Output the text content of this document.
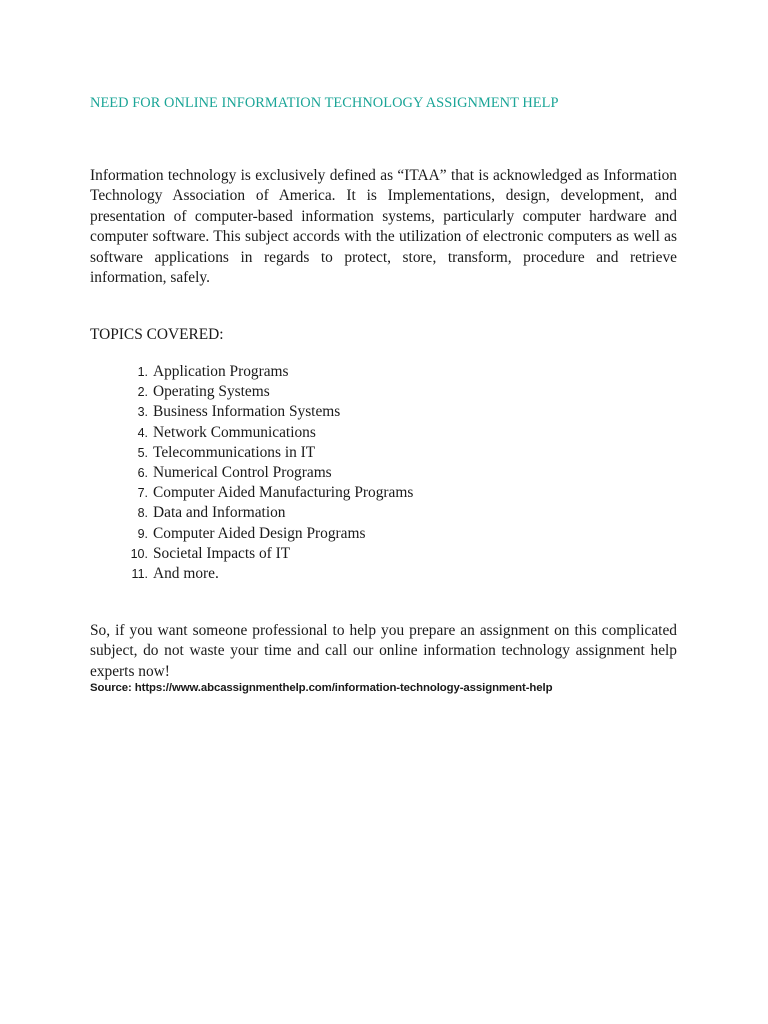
NEED FOR ONLINE INFORMATION TECHNOLOGY ASSIGNMENT HELP

Information technology is exclusively defined as “ITAA” that is acknowledged as Information Technology Association of America. It is Implementations, design, development, and presentation of computer-based information systems, particularly computer hardware and computer software. This subject accords with the utilization of electronic computers as well as software applications in regards to protect, store, transform, procedure and retrieve information, safely.

TOPICS COVERED:
1. Application Programs
2. Operating Systems
3. Business Information Systems
4. Network Communications
5. Telecommunications in IT
6. Numerical Control Programs
7. Computer Aided Manufacturing Programs
8. Data and Information
9. Computer Aided Design Programs
10. Societal Impacts of IT
11. And more.

So, if you want someone professional to help you prepare an assignment on this complicated subject, do not waste your time and call our online information technology assignment help experts now!

Source: https://www.abcassignmenthelp.com/information-technology-assignment-help
